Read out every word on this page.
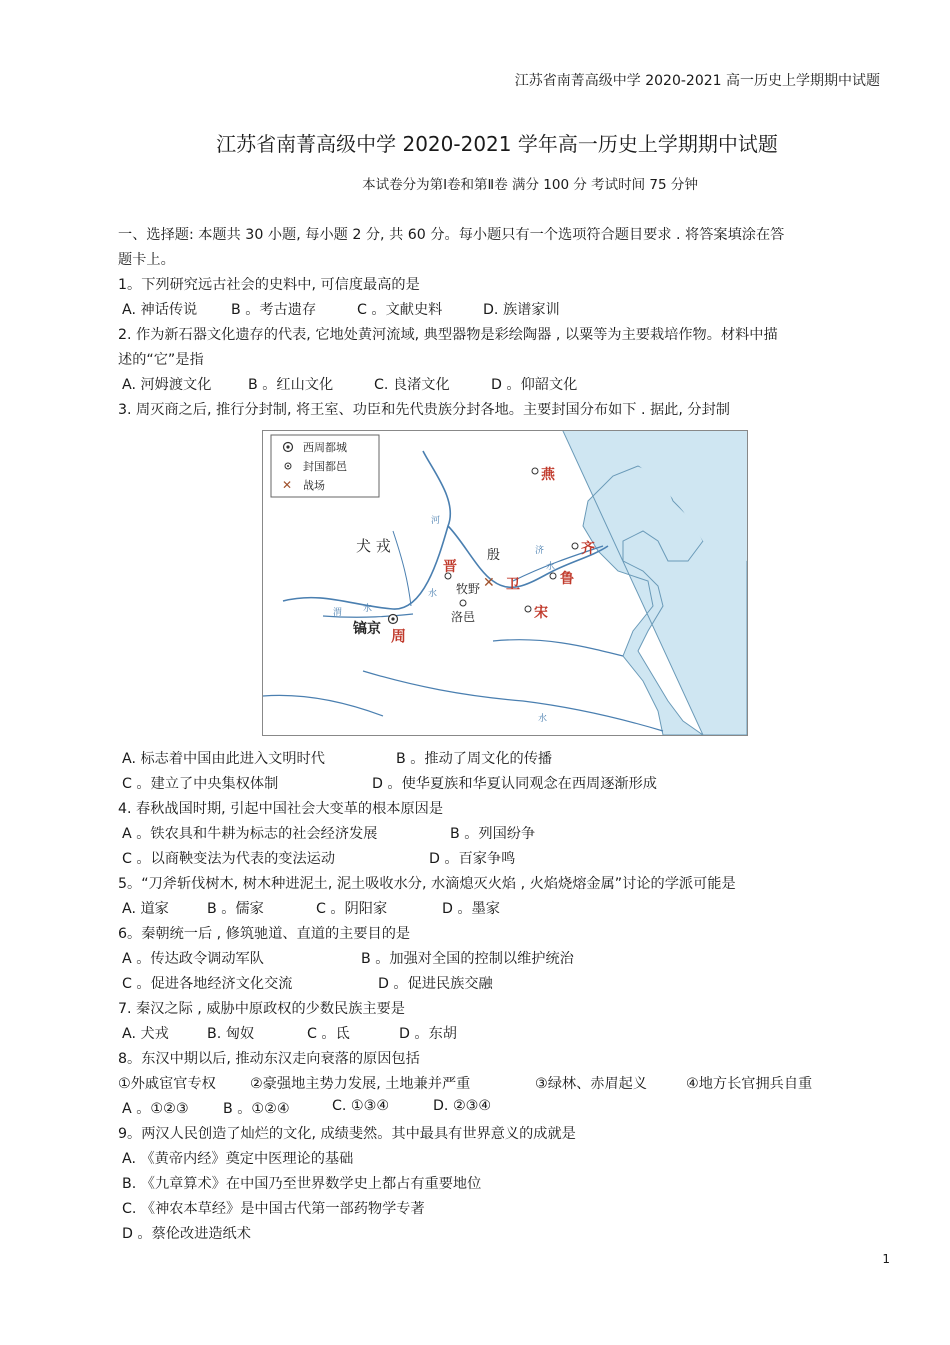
江苏省南菁高级中学 2020-2021 高一历史上学期期中试题
江苏省南菁高级中学 2020-2021 学年高一历史上学期期中试题
本试卷分为第Ⅰ卷和第Ⅱ卷 满分 100 分 考试时间 75 分钟
一、选择题: 本题共 30 小题, 每小题 2 分, 共 60 分。每小题只有一个选项符合题目要求 . 将答案填涂在答
题卡上。
1。下列研究远古社会的史料中, 可信度最高的是
A. 神话传说 B 。考古遗存	C 。文献史料	D. 族谱家训
2. 作为新石器文化遗存的代表, 它地处黄河流域, 典型器物是彩绘陶器 , 以粟等为主要栽培作物。材料中描
述的“它”是指
A. 河姆渡文化	B 。红山文化	C. 良渚文化	D 。仰韶文化
3. 周灭商之后, 推行分封制, 将王室、功臣和先代贵族分封各地。主要封国分布如下 . 据此, 分封制
西周都城
封国都邑
✕ 战场
燕
齐
鲁
宋
卫
✕
晋
殷
牧野
洛邑
犬 戎
镐京 周
河
济
水
水
渭 水
水
A. 标志着中国由此进入文明时代	B 。推动了周文化的传播
C 。建立了中央集权体制	D 。使华夏族和华夏认同观念在西周逐渐形成
4. 春秋战国时期, 引起中国社会大变革的根本原因是
A 。铁农具和牛耕为标志的社会经济发展	B 。列国纷争
C 。以商鞅变法为代表的变法运动	D 。百家争鸣
5。“刀斧斩伐树木, 树木种进泥土, 泥土吸收水分, 水滴熄灭火焰 , 火焰烧熔金属”讨论的学派可能是
A. 道家	B 。儒家	C 。阴阳家	D 。墨家
6。秦朝统一后 , 修筑驰道、直道的主要目的是
A 。传达政令调动军队	B 。加强对全国的控制以维护统治
C 。促进各地经济文化交流	D 。促进民族交融
7. 秦汉之际 , 威胁中原政权的少数民族主要是
A. 犬戎	B. 匈奴	C 。氐	D 。东胡
8。东汉中期以后, 推动东汉走向衰落的原因包括
①外戚宦官专权 ②豪强地主势力发展, 土地兼并严重	③绿林、赤眉起义	④地方长官拥兵自重
A 。①②③ B 。①②④	C. ①③④	D. ②③④
9。两汉人民创造了灿烂的文化, 成绩斐然。其中最具有世界意义的成就是
A. 《黄帝内经》奠定中医理论的基础
B. 《九章算术》在中国乃至世界数学史上都占有重要地位
C. 《神农本草经》是中国古代第一部药物学专著
D 。蔡伦改进造纸术
1
